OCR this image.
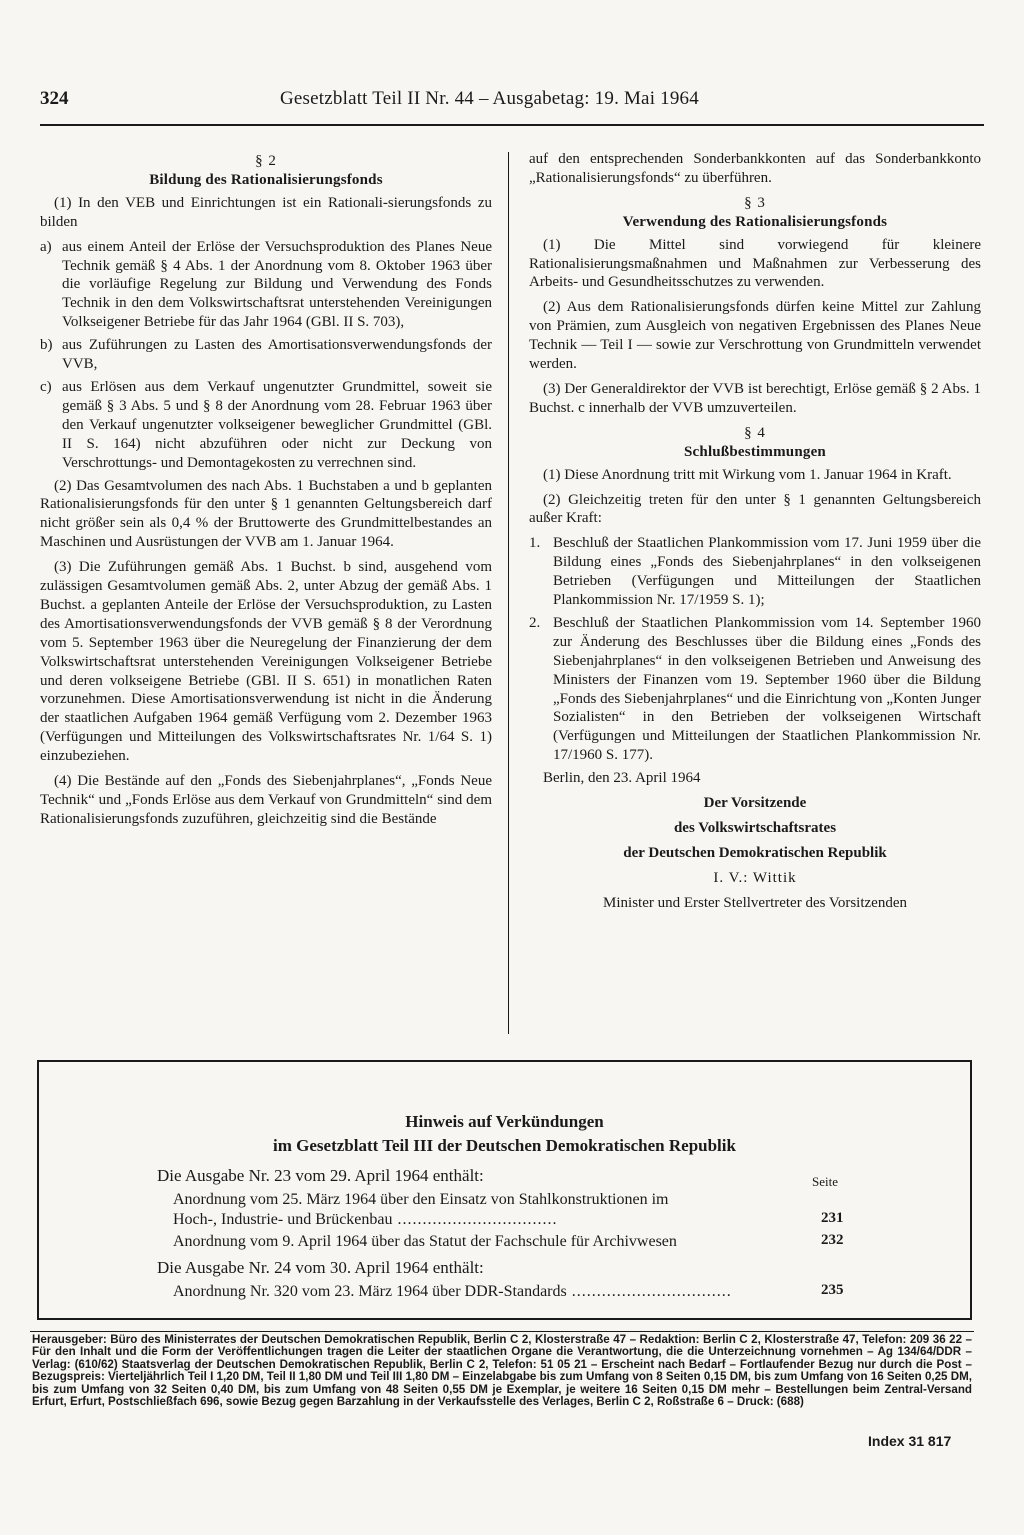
324	Gesetzblatt Teil II Nr. 44 – Ausgabetag: 19. Mai 1964

§ 2

Bildung des Rationalisierungsfonds

(1) In den VEB und Einrichtungen ist ein Rationali-sierungsfonds zu bilden

a) aus einem Anteil der Erlöse der Versuchsproduktion des Planes Neue Technik gemäß § 4 Abs. 1 der Anordnung vom 8. Oktober 1963 über die vorläufige Regelung zur Bildung und Verwendung des Fonds Technik in den dem Volkswirtschaftsrat unterstehenden Vereinigungen Volkseigener Betriebe für das Jahr 1964 (GBl. II S. 703),
b) aus Zuführungen zu Lasten des Amortisationsverwendungsfonds der VVB,
c) aus Erlösen aus dem Verkauf ungenutzter Grundmittel, soweit sie gemäß § 3 Abs. 5 und § 8 der Anordnung vom 28. Februar 1963 über den Verkauf ungenutzter volkseigener beweglicher Grundmittel (GBl. II S. 164) nicht abzuführen oder nicht zur Deckung von Verschrottungs- und Demontagekosten zu verrechnen sind.

(2) Das Gesamtvolumen des nach Abs. 1 Buchstaben a und b geplanten Rationalisierungsfonds für den unter § 1 genannten Geltungsbereich darf nicht größer sein als 0,4 % der Bruttowerte des Grundmittelbestandes an Maschinen und Ausrüstungen der VVB am 1. Januar 1964.

(3) Die Zuführungen gemäß Abs. 1 Buchst. b sind, ausgehend vom zulässigen Gesamtvolumen gemäß Abs. 2, unter Abzug der gemäß Abs. 1 Buchst. a geplanten Anteile der Erlöse der Versuchsproduktion, zu Lasten des Amortisationsverwendungsfonds der VVB gemäß § 8 der Verordnung vom 5. September 1963 über die Neuregelung der Finanzierung der dem Volkswirtschaftsrat unterstehenden Vereinigungen Volkseigener Betriebe und deren volkseigene Betriebe (GBl. II S. 651) in monatlichen Raten vorzunehmen. Diese Amortisationsverwendung ist nicht in die Änderung der staatlichen Aufgaben 1964 gemäß Verfügung vom 2. Dezember 1963 (Verfügungen und Mitteilungen des Volkswirtschaftsrates Nr. 1/64 S. 1) einzubeziehen.

(4) Die Bestände auf den „Fonds des Siebenjahrplanes“, „Fonds Neue Technik“ und „Fonds Erlöse aus dem Verkauf von Grundmitteln“ sind dem Rationalisierungsfonds zuzuführen, gleichzeitig sind die Bestände

auf den entsprechenden Sonderbankkonten auf das Sonderbankkonto „Rationalisierungsfonds“ zu überführen.

§ 3

Verwendung des Rationalisierungsfonds

(1) Die Mittel sind vorwiegend für kleinere Rationalisierungsmaßnahmen und Maßnahmen zur Verbesserung des Arbeits- und Gesundheitsschutzes zu verwenden.

(2) Aus dem Rationalisierungsfonds dürfen keine Mittel zur Zahlung von Prämien, zum Ausgleich von negativen Ergebnissen des Planes Neue Technik — Teil I — sowie zur Verschrottung von Grundmitteln verwendet werden.

(3) Der Generaldirektor der VVB ist berechtigt, Erlöse gemäß § 2 Abs. 1 Buchst. c innerhalb der VVB umzuverteilen.

§ 4

Schlußbestimmungen

(1) Diese Anordnung tritt mit Wirkung vom 1. Januar 1964 in Kraft.

(2) Gleichzeitig treten für den unter § 1 genannten Geltungsbereich außer Kraft:

1. Beschluß der Staatlichen Plankommission vom 17. Juni 1959 über die Bildung eines „Fonds des Siebenjahrplanes“ in den volkseigenen Betrieben (Verfügungen und Mitteilungen der Staatlichen Plankommission Nr. 17/1959 S. 1);
2. Beschluß der Staatlichen Plankommission vom 14. September 1960 zur Änderung des Beschlusses über die Bildung eines „Fonds des Siebenjahrplanes“ in den volkseigenen Betrieben und Anweisung des Ministers der Finanzen vom 19. September 1960 über die Bildung „Fonds des Siebenjahrplanes“ und die Einrichtung von „Konten Junger Sozialisten“ in den Betrieben der volkseigenen Wirtschaft (Verfügungen und Mitteilungen der Staatlichen Plankommission Nr. 17/1960 S. 177).

Berlin, den 23. April 1964

Der Vorsitzende

des Volkswirtschaftsrates

der Deutschen Demokratischen Republik

I. V.: Wittik

Minister und Erster Stellvertreter des Vorsitzenden

Hinweis auf Verkündungen
im Gesetzblatt Teil III der Deutschen Demokratischen Republik
Die Ausgabe Nr. 23 vom 29. April 1964 enthält:	Seite
Anordnung vom 25. März 1964 über den Einsatz von Stahlkonstruktionen im
Hoch-, Industrie- und Brückenbau .....	231
Anordnung vom 9. April 1964 über das Statut der Fachschule für Archivwesen	232
Die Ausgabe Nr. 24 vom 30. April 1964 enthält:
Anordnung Nr. 320 vom 23. März 1964 über DDR-Standards .....	235
Herausgeber: Büro des Ministerrates der Deutschen Demokratischen Republik, Berlin C 2, Klosterstraße 47 – Redaktion: Berlin C 2, Klosterstraße 47, Telefon: 209 36 22 – Für den Inhalt und die Form der Veröffentlichungen tragen die Leiter der staatlichen Organe die Verantwortung, die die Unterzeichnung vornehmen – Ag 134/64/DDR – Verlag: (610/62) Staatsverlag der Deutschen Demokratischen Republik, Berlin C 2, Telefon: 51 05 21 – Erscheint nach Bedarf – Fortlaufender Bezug nur durch die Post – Bezugspreis: Vierteljährlich Teil I 1,20 DM, Teil II 1,80 DM und Teil III 1,80 DM – Einzelabgabe bis zum Umfang von 8 Seiten 0,15 DM, bis zum Umfang von 16 Seiten 0,25 DM, bis zum Umfang von 32 Seiten 0,40 DM, bis zum Umfang von 48 Seiten 0,55 DM je Exemplar, je weitere 16 Seiten 0,15 DM mehr – Bestellungen beim Zentral-Versand Erfurt, Erfurt, Postschließfach 696, sowie Bezug gegen Barzahlung in der Verkaufsstelle des Verlages, Berlin C 2, Roßstraße 6 – Druck: (688)
Index 31 817
